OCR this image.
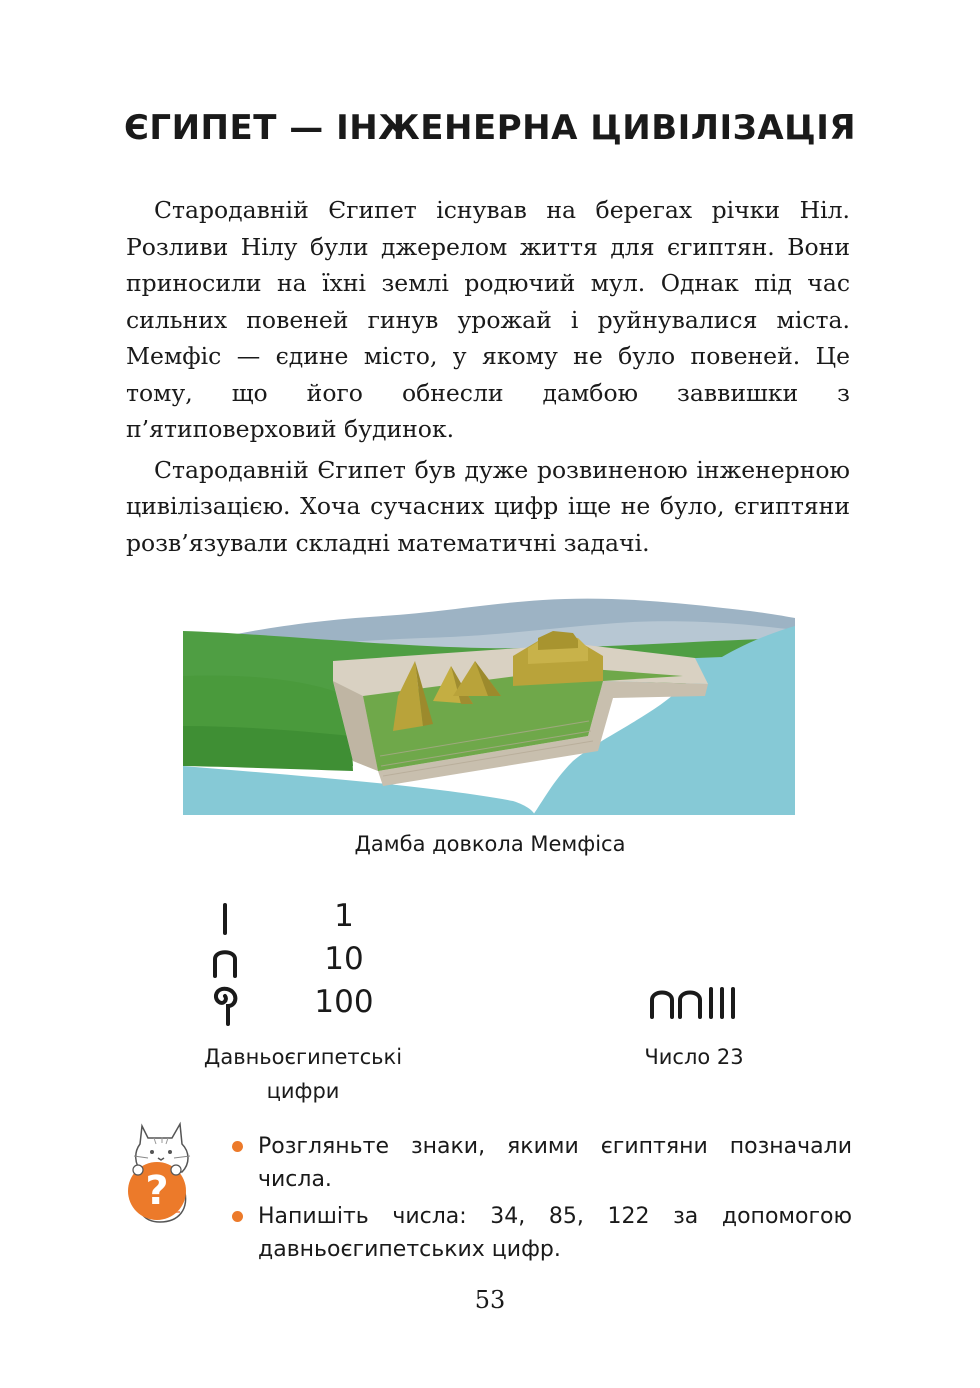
ЄГИПЕТ — ІНЖЕНЕРНА ЦИВІЛІЗАЦІЯ

Стародавній Єгипет існував на берегах річки Ніл. Розливи Нілу були джерелом життя для єгиптян. Вони приносили на їхні землі родючий мул. Однак під час сильних повеней гинув урожай і руйнувалися міста. Мемфіс — єдине місто, у якому не було повеней. Це тому, що його обнесли дамбою заввишки з п’ятиповерховий будинок.

Стародавній Єгипет був дуже розвиненою інженерною цивілізацією. Хоча сучасних цифр іще не було, єгиптяни розв’язували складні математичні задачі.

Дамба довкола Мемфіса
1
10
100
Давньоєгипетські
цифри
Число 23
?
Розгляньте знаки, якими єгиптяни позначали числа.
Напишіть числа: 34, 85, 122 за допомогою давньоєгипетських цифр.
53
